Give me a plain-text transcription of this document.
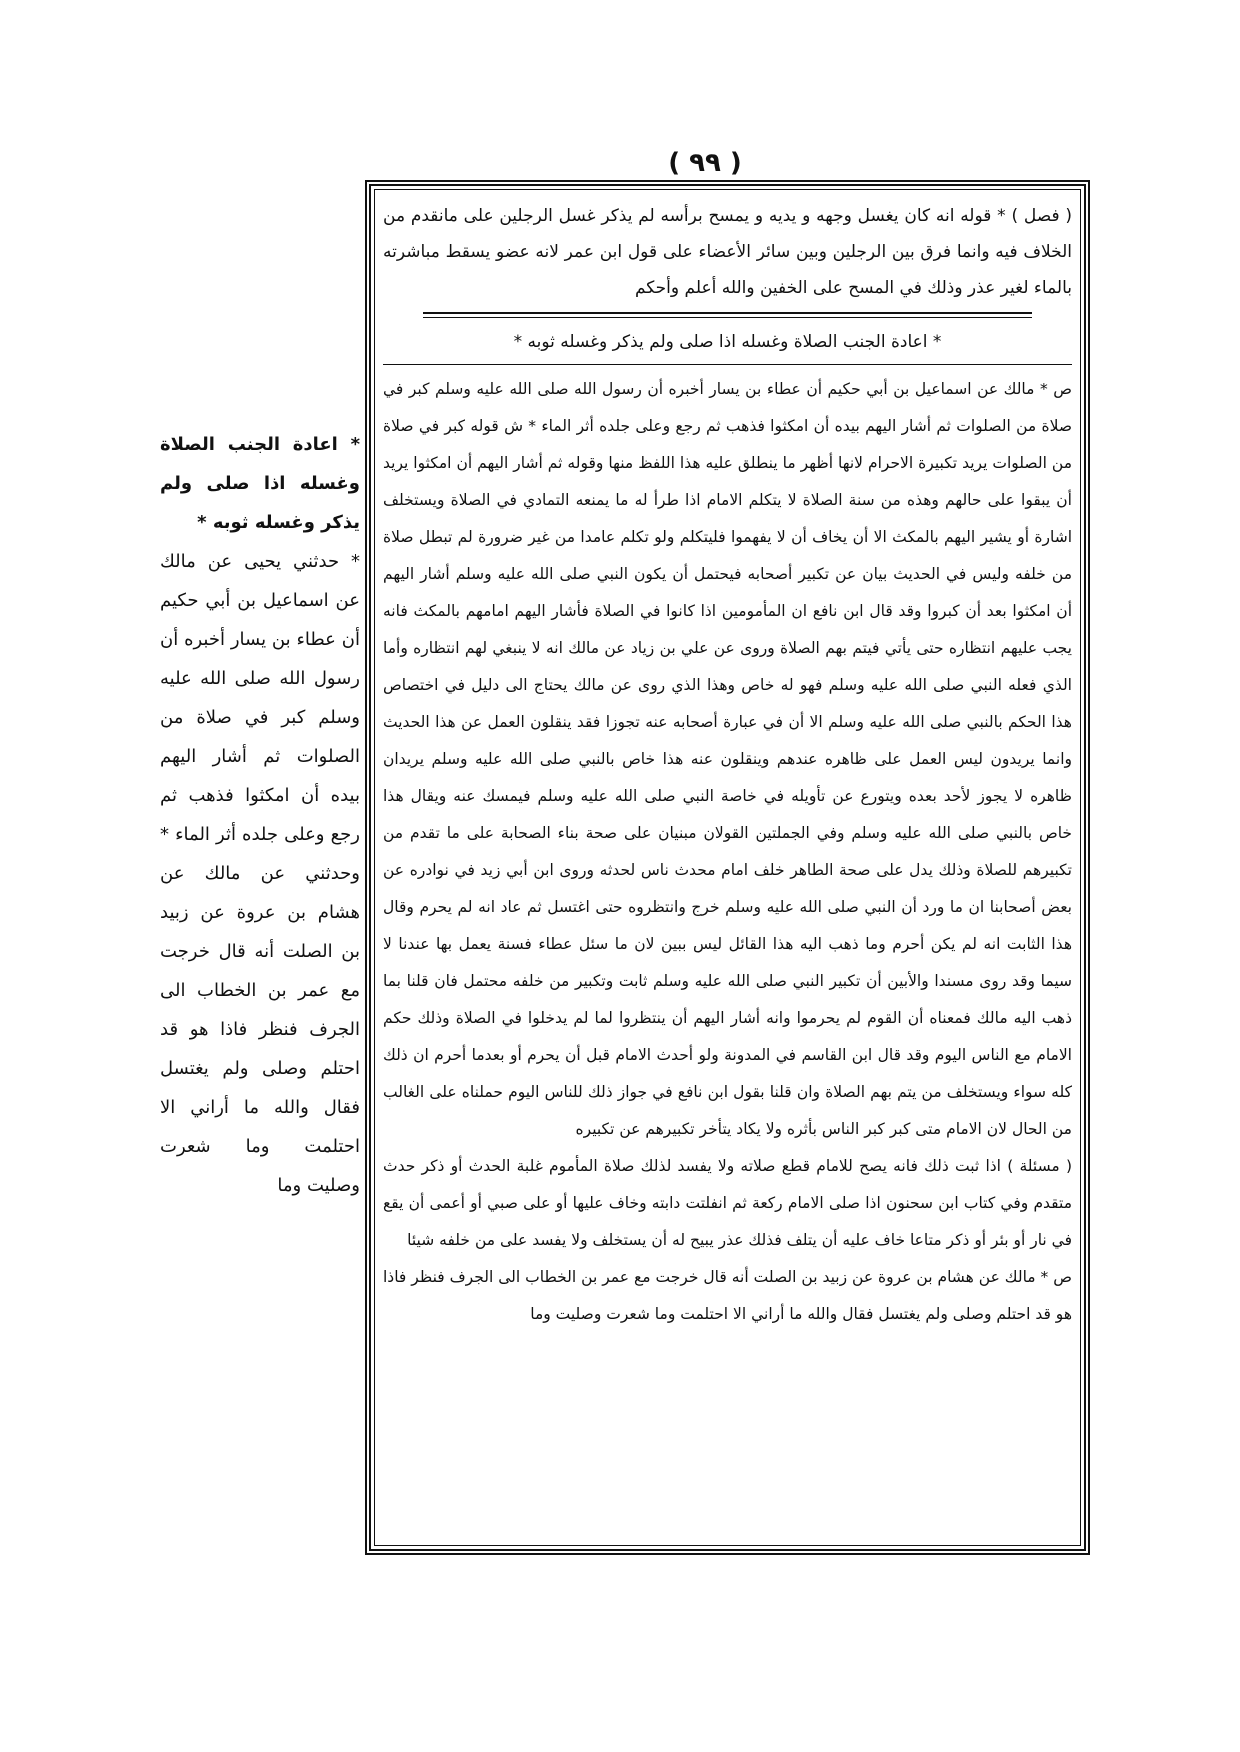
( ٩٩ )
( فصل ) * قوله انه كان يغسل وجهه و يديه و يمسح برأسه لم يذكر غسل الرجلين على مانقدم من الخلاف فيه وانما فرق بين الرجلين وبين سائر الأعضاء على قول ابن عمر لانه عضو يسقط مباشرته بالماء لغير عذر وذلك في المسح على الخفين والله أعلم وأحكم
* اعادة الجنب الصلاة وغسله اذا صلى ولم يذكر وغسله ثوبه *

ص * مالك عن اسماعيل بن أبي حكيم أن عطاء بن يسار أخبره أن رسول الله صلى الله عليه وسلم كبر في صلاة من الصلوات ثم أشار اليهم بيده أن امكثوا فذهب ثم رجع وعلى جلده أثر الماء * ش قوله كبر في صلاة من الصلوات يريد تكبيرة الاحرام لانها أظهر ما ينطلق عليه هذا اللفظ منها وقوله ثم أشار اليهم أن امكثوا يريد أن يبقوا على حالهم وهذه من سنة الصلاة لا يتكلم الامام اذا طرأ له ما يمنعه التمادي في الصلاة ويستخلف اشارة أو يشير اليهم بالمكث الا أن يخاف أن لا يفهموا فليتكلم ولو تكلم عامدا من غير ضرورة لم تبطل صلاة من خلفه وليس في الحديث بيان عن تكبير أصحابه فيحتمل أن يكون النبي صلى الله عليه وسلم أشار اليهم أن امكثوا بعد أن كبروا وقد قال ابن نافع ان المأمومين اذا كانوا في الصلاة فأشار اليهم امامهم بالمكث فانه يجب عليهم انتظاره حتى يأتي فيتم بهم الصلاة وروى عن علي بن زياد عن مالك انه لا ينبغي لهم انتظاره وأما الذي فعله النبي صلى الله عليه وسلم فهو له خاص وهذا الذي روى عن مالك يحتاج الى دليل في اختصاص هذا الحكم بالنبي صلى الله عليه وسلم الا أن في عبارة أصحابه عنه تجوزا فقد ينقلون العمل عن هذا الحديث وانما يريدون ليس العمل على ظاهره عندهم وينقلون عنه هذا خاص بالنبي صلى الله عليه وسلم يريدان ظاهره لا يجوز لأحد بعده ويتورع عن تأويله في خاصة النبي صلى الله عليه وسلم فيمسك عنه ويقال هذا خاص بالنبي صلى الله عليه وسلم وفي الجملتين القولان مبنيان على صحة بناء الصحابة على ما تقدم من تكبيرهم للصلاة وذلك يدل على صحة الطاهر خلف امام محدث ناس لحدثه وروى ابن أبي زيد في نوادره عن بعض أصحابنا ان ما ورد أن النبي صلى الله عليه وسلم خرج وانتظروه حتى اغتسل ثم عاد انه لم يحرم وقال هذا الثابت انه لم يكن أحرم وما ذهب اليه هذا القائل ليس ببين لان ما سئل عطاء فسنة يعمل بها عندنا لا سيما وقد روى مسندا والأبين أن تكبير النبي صلى الله عليه وسلم ثابت وتكبير من خلفه محتمل فان قلنا بما ذهب اليه مالك فمعناه أن القوم لم يحرموا وانه أشار اليهم أن ينتظروا لما لم يدخلوا في الصلاة وذلك حكم الامام مع الناس اليوم وقد قال ابن القاسم في المدونة ولو أحدث الامام قبل أن يحرم أو بعدما أحرم ان ذلك كله سواء ويستخلف من يتم بهم الصلاة وان قلنا بقول ابن نافع في جواز ذلك للناس اليوم حملناه على الغالب من الحال لان الامام متى كبر كبر الناس بأثره ولا يكاد يتأخر تكبيرهم عن تكبيره

( مسئلة ) اذا ثبت ذلك فانه يصح للامام قطع صلاته ولا يفسد لذلك صلاة المأموم غلبة الحدث أو ذكر حدث متقدم وفي كتاب ابن سحنون اذا صلى الامام ركعة ثم انفلتت دابته وخاف عليها أو على صبي أو أعمى أن يقع في نار أو بئر أو ذكر متاعا خاف عليه أن يتلف فذلك عذر يبيح له أن يستخلف ولا يفسد على من خلفه شيئا

ص * مالك عن هشام بن عروة عن زبيد بن الصلت أنه قال خرجت مع عمر بن الخطاب الى الجرف فنظر فاذا هو قد احتلم وصلى ولم يغتسل فقال والله ما أراني الا احتلمت وما شعرت وصليت وما

* اعادة الجنب الصلاة وغسله اذا صلى ولم يذكر وغسله ثوبه *
* حدثني يحيى عن مالك عن اسماعيل بن أبي حكيم أن عطاء بن يسار أخبره أن رسول الله صلى الله عليه وسلم كبر في صلاة من الصلوات ثم أشار اليهم بيده أن امكثوا فذهب ثم رجع وعلى جلده أثر الماء * وحدثني عن مالك عن هشام بن عروة عن زبيد بن الصلت أنه قال خرجت مع عمر بن الخطاب الى الجرف فنظر فاذا هو قد احتلم وصلى ولم يغتسل فقال والله ما أراني الا احتلمت وما شعرت وصليت وما
